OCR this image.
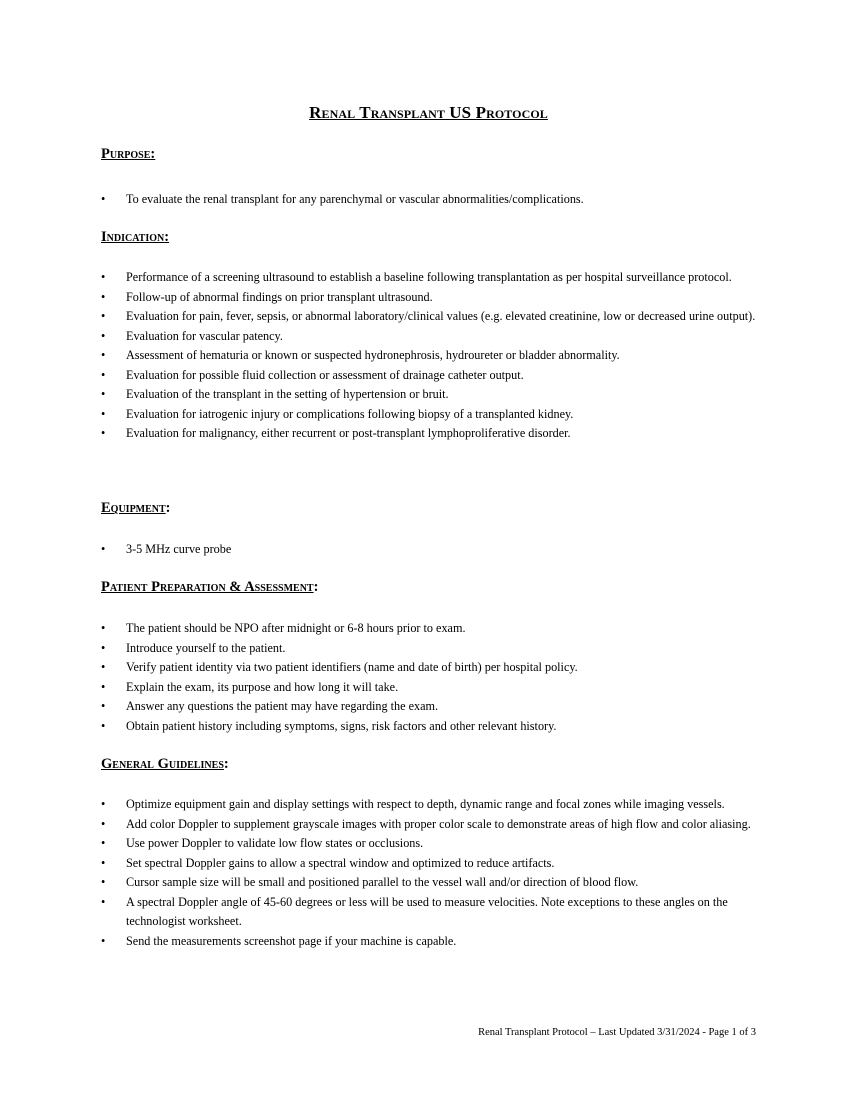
Renal Transplant US Protocol
Purpose:
• To evaluate the renal transplant for any parenchymal or vascular abnormalities/complications.
Indication:
• Performance of a screening ultrasound to establish a baseline following transplantation as per hospital surveillance protocol.
• Follow-up of abnormal findings on prior transplant ultrasound.
• Evaluation for pain, fever, sepsis, or abnormal laboratory/clinical values (e.g. elevated creatinine, low or decreased urine output).
• Evaluation for vascular patency.
• Assessment of hematuria or known or suspected hydronephrosis, hydroureter or bladder abnormality.
• Evaluation for possible fluid collection or assessment of drainage catheter output.
• Evaluation of the transplant in the setting of hypertension or bruit.
• Evaluation for iatrogenic injury or complications following biopsy of a transplanted kidney.
• Evaluation for malignancy, either recurrent or post-transplant lymphoproliferative disorder.
Equipment:
• 3-5 MHz curve probe
Patient Preparation & Assessment:
• The patient should be NPO after midnight or 6-8 hours prior to exam.
• Introduce yourself to the patient.
• Verify patient identity via two patient identifiers (name and date of birth) per hospital policy.
• Explain the exam, its purpose and how long it will take.
• Answer any questions the patient may have regarding the exam.
• Obtain patient history including symptoms, signs, risk factors and other relevant history.
General Guidelines:
• Optimize equipment gain and display settings with respect to depth, dynamic range and focal zones while imaging vessels.
• Add color Doppler to supplement grayscale images with proper color scale to demonstrate areas of high flow and color aliasing.
• Use power Doppler to validate low flow states or occlusions.
• Set spectral Doppler gains to allow a spectral window and optimized to reduce artifacts.
• Cursor sample size will be small and positioned parallel to the vessel wall and/or direction of blood flow.
• A spectral Doppler angle of 45-60 degrees or less will be used to measure velocities. Note exceptions to these angles on the technologist worksheet.
• Send the measurements screenshot page if your machine is capable.
Renal Transplant Protocol – Last Updated 3/31/2024 - Page 1 of 3
